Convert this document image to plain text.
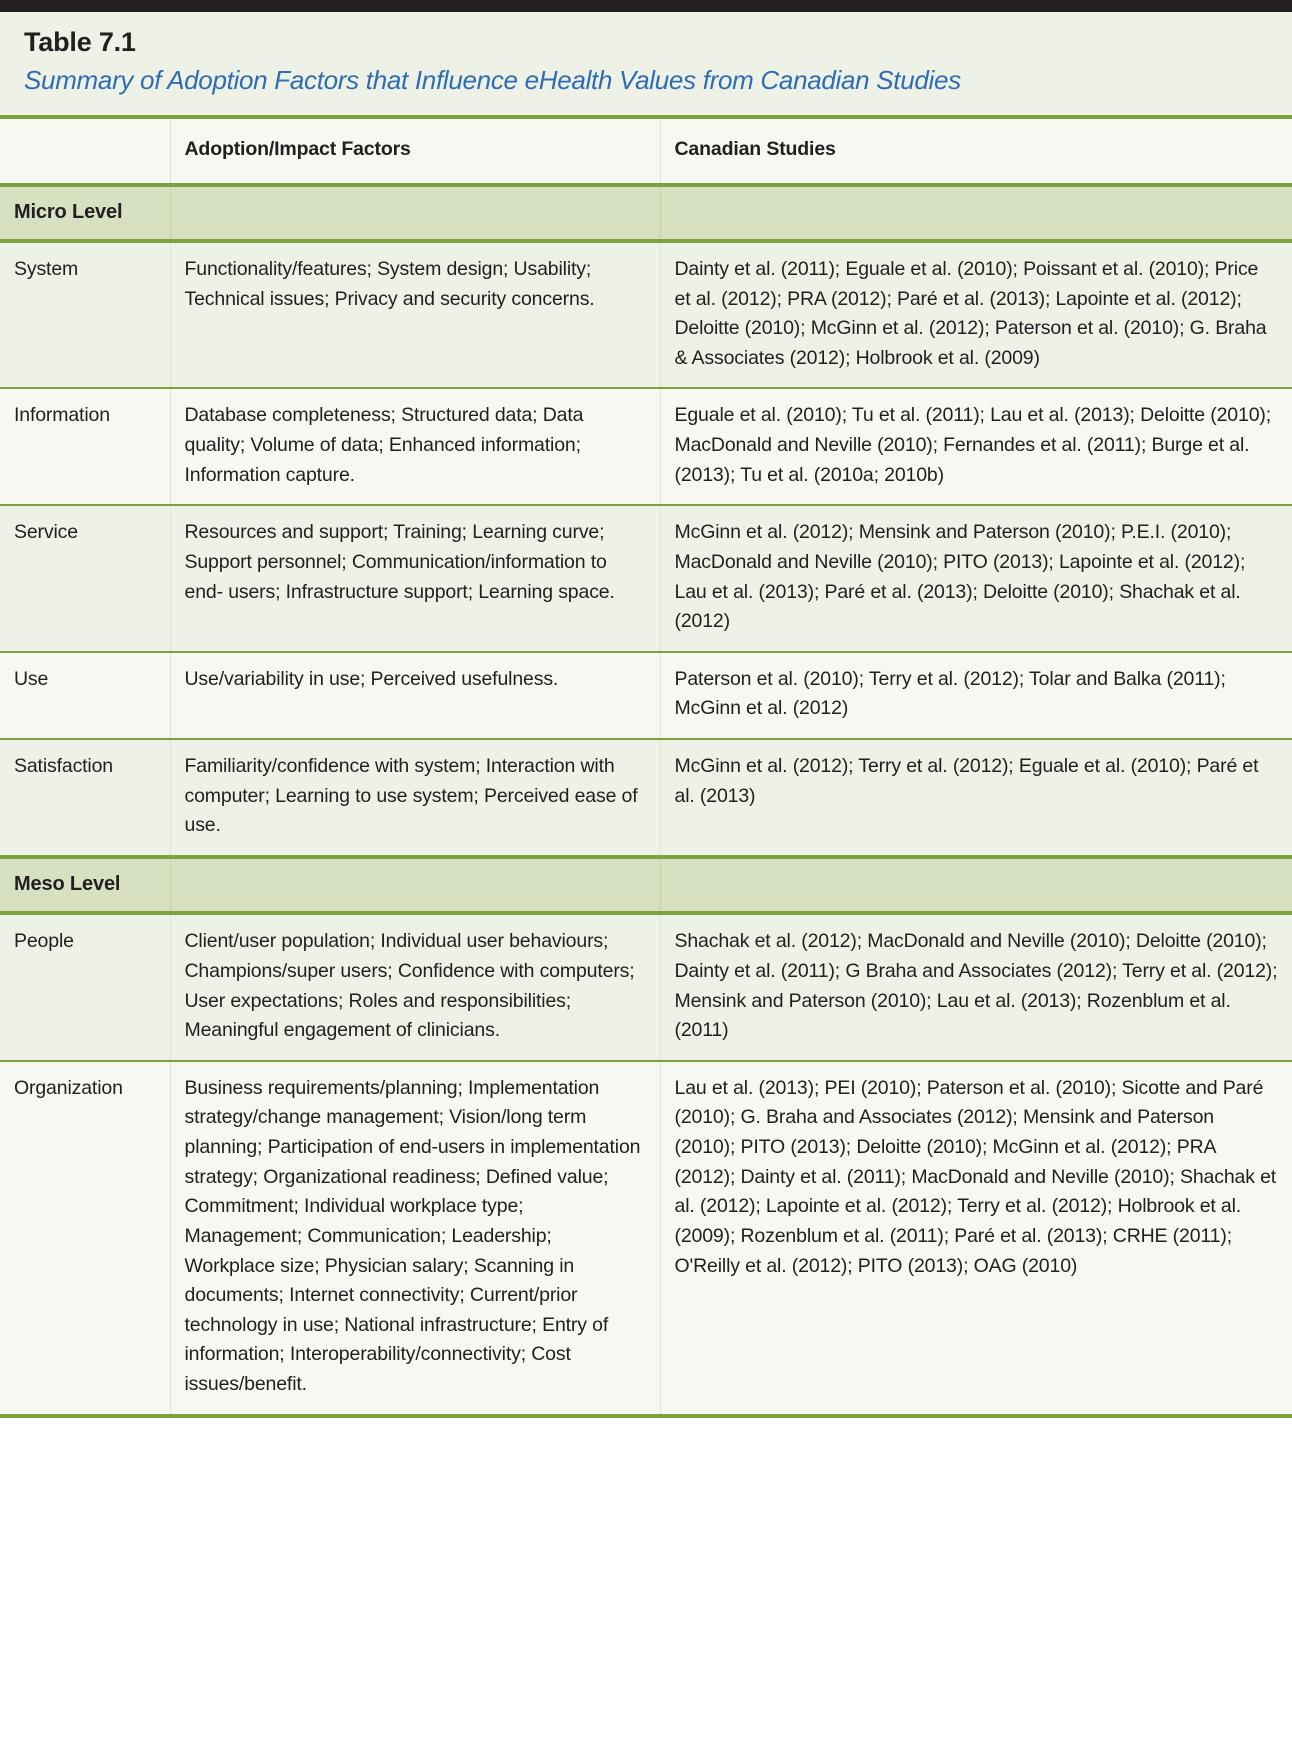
Table 7.1
Summary of Adoption Factors that Influence eHealth Values from Canadian Studies
	Adoption/Impact Factors	Canadian Studies
Micro Level		
System	Functionality/features; System design; Usability; Technical issues; Privacy and security concerns.	Dainty et al. (2011); Eguale et al. (2010); Poissant et al. (2010); Price et al. (2012); PRA (2012); Paré et al. (2013); Lapointe et al. (2012); Deloitte (2010); McGinn et al. (2012); Paterson et al. (2010); G. Braha & Associates (2012); Holbrook et al. (2009)
Information	Database completeness; Structured data; Data quality; Volume of data; Enhanced information; Information capture.	Eguale et al. (2010); Tu et al. (2011); Lau et al. (2013); Deloitte (2010); MacDonald and Neville (2010); Fernandes et al. (2011); Burge et al. (2013); Tu et al. (2010a; 2010b)
Service	Resources and support; Training; Learning curve; Support personnel; Communication/information to end- users; Infrastructure support; Learning space.	McGinn et al. (2012); Mensink and Paterson (2010); P.E.I. (2010); MacDonald and Neville (2010); PITO (2013); Lapointe et al. (2012); Lau et al. (2013); Paré et al. (2013); Deloitte (2010); Shachak et al. (2012)
Use	Use/variability in use; Perceived usefulness.	Paterson et al. (2010); Terry et al. (2012); Tolar and Balka (2011); McGinn et al. (2012)
Satisfaction	Familiarity/confidence with system; Interaction with computer; Learning to use system; Perceived ease of use.	McGinn et al. (2012); Terry et al. (2012); Eguale et al. (2010); Paré et al. (2013)
Meso Level		
People	Client/user population; Individual user behaviours; Champions/super users; Confidence with computers; User expectations; Roles and responsibilities; Meaningful engagement of clinicians.	Shachak et al. (2012); MacDonald and Neville (2010); Deloitte (2010); Dainty et al. (2011); G Braha and Associates (2012); Terry et al. (2012); Mensink and Paterson (2010); Lau et al. (2013); Rozenblum et al. (2011)
Organization	Business requirements/planning; Implementation strategy/change management; Vision/long term planning; Participation of end-users in implementation strategy; Organizational readiness; Defined value; Commitment; Individual workplace type; Management; Communication; Leadership; Workplace size; Physician salary; Scanning in documents; Internet connectivity; Current/prior technology in use; National infrastructure; Entry of information; Interoperability/connectivity; Cost issues/benefit.	Lau et al. (2013); PEI (2010); Paterson et al. (2010); Sicotte and Paré (2010); G. Braha and Associates (2012); Mensink and Paterson (2010); PITO (2013); Deloitte (2010); McGinn et al. (2012); PRA (2012); Dainty et al. (2011); MacDonald and Neville (2010); Shachak et al. (2012); Lapointe et al. (2012); Terry et al. (2012); Holbrook et al. (2009); Rozenblum et al. (2011); Paré et al. (2013); CRHE (2011); O'Reilly et al. (2012); PITO (2013); OAG (2010)
